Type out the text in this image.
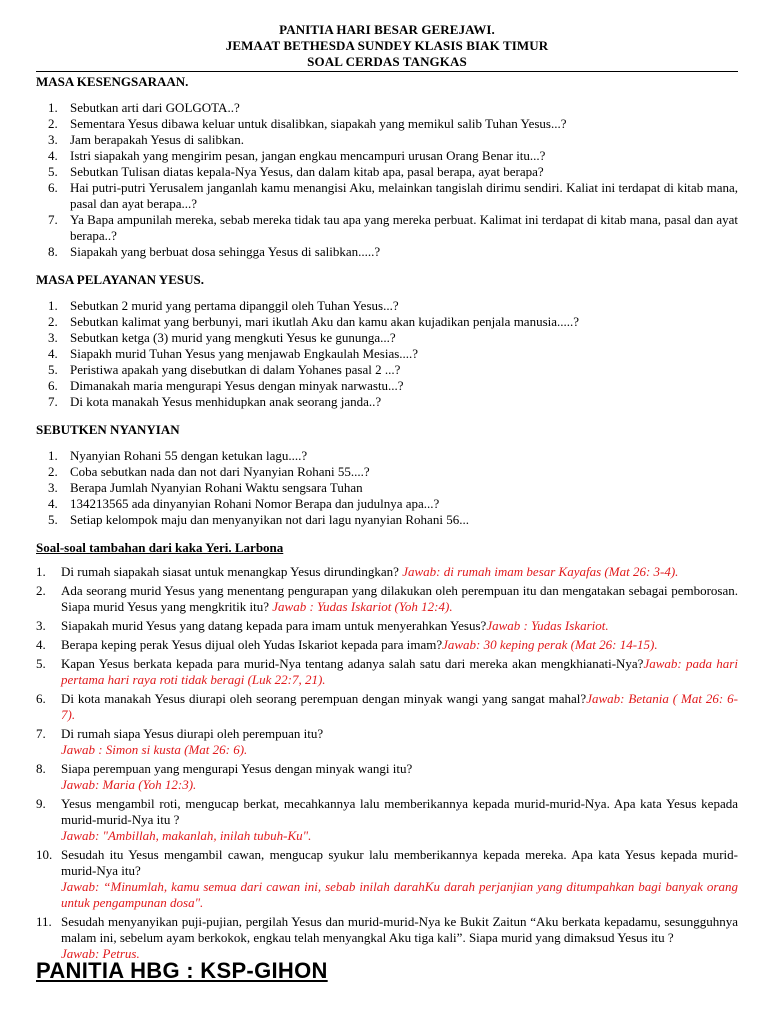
PANITIA HARI BESAR GEREJAWI.
JEMAAT BETHESDA SUNDEY KLASIS BIAK TIMUR
SOAL CERDAS TANGKAS
MASA KESENGSARAAN.
1. Sebutkan arti dari GOLGOTA..?
2. Sementara Yesus dibawa keluar untuk disalibkan, siapakah yang memikul salib Tuhan Yesus...?
3. Jam berapakah Yesus di salibkan.
4. Istri siapakah yang mengirim pesan, jangan engkau mencampuri urusan Orang Benar itu...?
5. Sebutkan Tulisan diatas kepala-Nya Yesus, dan dalam kitab apa, pasal berapa, ayat berapa?
6. Hai putri-putri Yerusalem janganlah kamu menangisi Aku, melainkan tangislah dirimu sendiri. Kaliat ini terdapat di kitab mana, pasal dan ayat berapa...?
7. Ya Bapa ampunilah mereka, sebab mereka tidak tau apa yang mereka perbuat. Kalimat ini terdapat di kitab mana, pasal dan ayat berapa..?
8. Siapakah yang berbuat dosa sehingga Yesus di salibkan.....?
MASA PELAYANAN YESUS.
1. Sebutkan 2 murid yang pertama dipanggil oleh Tuhan Yesus...?
2. Sebutkan kalimat yang berbunyi, mari ikutlah Aku dan kamu akan kujadikan penjala manusia.....?
3. Sebutkan ketga (3) murid yang mengkuti Yesus ke gununga...?
4. Siapakh murid Tuhan Yesus yang menjawab Engkaulah Mesias....?
5. Peristiwa apakah yang disebutkan di dalam Yohanes pasal 2 ...?
6. Dimanakah maria mengurapi Yesus dengan minyak narwastu...?
7. Di kota manakah Yesus menhidupkan anak seorang janda..?
SEBUTKEN NYANYIAN
1. Nyanyian Rohani 55 dengan ketukan lagu....?
2. Coba sebutkan nada dan not dari Nyanyian Rohani 55....?
3. Berapa Jumlah Nyanyian Rohani Waktu sengsara Tuhan
4. 134213565 ada dinyanyian Rohani Nomor Berapa dan judulnya apa...?
5. Setiap kelompok maju dan menyanyikan not dari lagu nyanyian Rohani 56...
Soal-soal tambahan dari kaka Yeri. Larbona
1. Di rumah siapakah siasat untuk menangkap Yesus dirundingkan? Jawab: di rumah imam besar Kayafas (Mat 26: 3-4).
2. Ada seorang murid Yesus yang menentang pengurapan yang dilakukan oleh perempuan itu dan mengatakan sebagai pemborosan. Siapa murid Yesus yang mengkritik itu? Jawab : Yudas Iskariot (Yoh 12:4).
3. Siapakah murid Yesus yang datang kepada para imam untuk menyerahkan Yesus?Jawab : Yudas Iskariot.
4. Berapa keping perak Yesus dijual oleh Yudas Iskariot kepada para imam?Jawab: 30 keping perak (Mat 26: 14-15).
5. Kapan Yesus berkata kepada para murid-Nya tentang adanya salah satu dari mereka akan mengkhianati-Nya?Jawab: pada hari pertama hari raya roti tidak beragi (Luk 22:7, 21).
6. Di kota manakah Yesus diurapi oleh seorang perempuan dengan minyak wangi yang sangat mahal?Jawab: Betania ( Mat 26: 6-7).
7. Di rumah siapa Yesus diurapi oleh perempuan itu?
Jawab : Simon si kusta (Mat 26: 6).
8. Siapa perempuan yang mengurapi Yesus dengan minyak wangi itu?
Jawab: Maria (Yoh 12:3).
9. Yesus mengambil roti, mengucap berkat, mecahkannya lalu memberikannya kepada murid-murid-Nya. Apa kata Yesus kepada murid-murid-Nya itu ?
Jawab: "Ambillah, makanlah, inilah tubuh-Ku".
10. Sesudah itu Yesus mengambil cawan, mengucap syukur lalu memberikannya kepada mereka. Apa kata Yesus kepada murid-murid-Nya itu?
Jawab: “Minumlah, kamu semua dari cawan ini, sebab inilah darahKu darah perjanjian yang ditumpahkan bagi banyak orang untuk pengampunan dosa".
11. Sesudah menyanyikan puji-pujian, pergilah Yesus dan murid-murid-Nya ke Bukit Zaitun “Aku berkata kepadamu, sesungguhnya malam ini, sebelum ayam berkokok, engkau telah menyangkal Aku tiga kali”. Siapa murid yang dimaksud Yesus itu ?
Jawab: Petrus.
PANITIA HBG : KSP-GIHON
